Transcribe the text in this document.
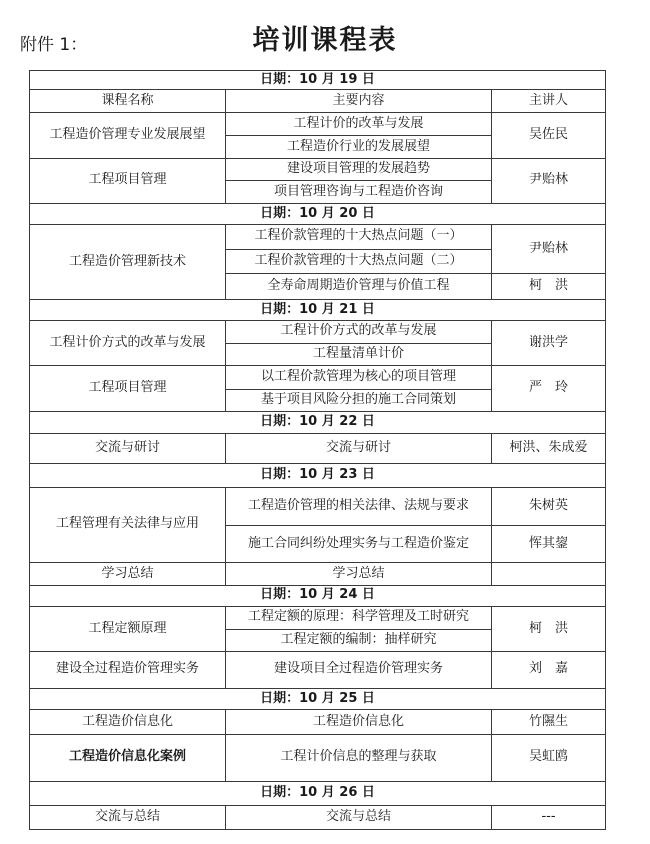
附件 1：	培训课程表
日期：10 月 19 日		
课程名称	主要内容	主讲人
工程造价管理专业发展展望	工程计价的改革与发展	吴佐民
	工程造价行业的发展展望	
工程项目管理	建设项目管理的发展趋势	尹贻林
	项目管理咨询与工程造价咨询	
日期：10 月 20 日		
工程造价管理新技术	工程价款管理的十大热点问题（一）	尹贻林
	工程价款管理的十大热点问题（二）	
	全寿命周期造价管理与价值工程	柯　洪
日期：10 月 21 日		
工程计价方式的改革与发展	工程计价方式的改革与发展	谢洪学
	工程量清单计价	
工程项目管理	以工程价款管理为核心的项目管理	严　玲
	基于项目风险分担的施工合同策划	
日期：10 月 22 日		
交流与研讨	交流与研讨	柯洪、朱成爱
日期：10 月 23 日		
工程管理有关法律与应用	工程造价管理的相关法律、法规与要求	朱树英
	施工合同纠纷处理实务与工程造价鉴定	恽其鋆
学习总结	学习总结	
日期：10 月 24 日		
工程定额原理	工程定额的原理：科学管理及工时研究	柯　洪
	工程定额的编制：抽样研究	
建设全过程造价管理实务	建设项目全过程造价管理实务	刘　嘉
日期：10 月 25 日		
工程造价信息化	工程造价信息化	竹隰生
工程造价信息化案例	工程计价信息的整理与获取	吴虹鸥
日期：10 月 26 日		
交流与总结	交流与总结	---
